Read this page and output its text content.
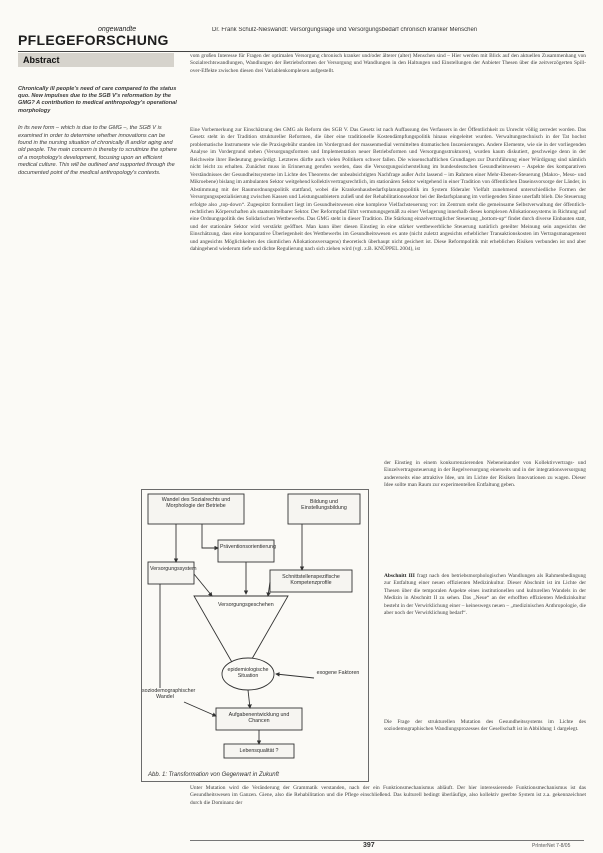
ongewandte
PFLEGEFORSCHUNG
Dr. Frank Schulz-Nieswandt: Versorgungslage und Versorgungsbedarf chronisch kranker Menschen
Abstract

Chronically ill people's need of care compared to the status quo. New impulses due to the SGB V's reformation by the GMG? A contribution to medical anthropology's operational morphology

In its new form – which is due to the GMG –, the SGB V is examined in order to determine whether innovations can be found in the nursing situation of chronically ill and/or aging and old people. The main concern is thereby to scrutinize the sphere of a morphology's development, focusing upon an efficient medical culture. This will be outlined and supported through the documented point of the medical anthropology's contexts.

vom großen Interesse für Fragen der optimalen Versorgung chronisch kranker und/oder älterer (alter) Menschen sind – Hier werden mit Blick auf den aktuellen Zusammenhang von Sozialrechtswandlungen, Wandlungen der Betriebsformen der Versorgung und Wandlungen in den Haltungen und Einstellungen der Anbieter Thesen über die zeitverzögerten Spill-over-Effekte zwischen diesen drei Variablenkomplexen aufgestellt.

Eine Vorbemerkung zur Einschätzung des GMG als Reform des SGB V. Das Gesetz ist nach Auffassung des Verfassers in der Öffentlichkeit zu Unrecht völlig zerredet worden. Das Gesetz steht in der Tradition struktureller Reformen, die über eine traditionelle Kostendämpfungspolitik hinaus eingeleitet wurden. Verwaltungstechnisch in der Tat hochst problematische Instrumente wie die Praxisgebühr standen im Vordergrund der massenmedial vermittelten dramatischen Inszenierungen. Andere Elemente, wie sie in der vorliegenden Analyse im Vordergrund stehen (Versorgungsformen und Implementation neuer Betriebsformen und Versorgungsstrukturen), wurden kaum diskutiert, geschweige denn in der Reichweite ihrer Bedeutung gewürdigt. Letzteres dürfte auch vielen Politikern schwer fallen. Die wissenschaftlichen Grundlagen zur Durchführung einer Würdigung sind nämlich nicht leicht zu erhalten. Zunächst muss in Erinnerung gerufen werden, dass die Versorgungssicherstellung im bundesdeutschen Gesundheitswesen – Aspekte des komparativen Verständnisses der Gesundheitssysteme im Lichte des Theorems der unbeabsichtigten Nachfrage außer Acht lassend – im Rahmen einer Mehr-Ebenen-Steuerung (Makro-, Meso- und Mikroebene) bislang im ambulanten Sektor weitgehend kollektivvertragsrechtlich, im stationären Sektor weitgehend in einer Tradition von öffentlichen Daseinsvorsorge der Länder, in Abstimmung mit der Raumordnungspolitik stattfand, wobei die Krankenhausbedarfsplanungspolitik im System föderaler Vielfalt zunehmend unterschiedliche Formen der Versorgungsspezialisierung zwischen Kassen und Leistungsanbietern zuließ und der Rehabilitationssektor bei der Bedarfsplanung im vorliegenden Sinne unerfaßt blieb. Die Steuerung erfolgte also „top-down“. Zugespitzt formuliert liegt im Gesundheitswesen eine komplexe Vielfachsteuerung vor: im Zentrum steht die gemeinsame Selbstverwaltung der öffentlich-rechtlichen Körperschaften als staatsmittelbarer Sektor. Der Reformpfad führt vermutungsgemäß zu einer Verlagerung innerhalb dieses komplexen Allokationssystems in Richtung auf eine Ordnungspolitik des Solidarischen Wettbewerbs. Das GMG steht in dieser Tradition. Die Stärkung einzelvertraglicher Steuerung „bottom-up“ findet durch diverse Einbauten statt, und der stationäre Sektor wird verstärkt geöffnet. Man kann über diesen Einstieg in eine stärker wettbewerbliche Steuerung natürlich geteilter Meinung sein angesichts der Einschätzung, dass eine komparative Überlegenheit des Wettbewerbs im Gesundheitswesen ex ante (nicht zuletzt angesichts erheblicher Transaktionskosten im Vertragsmanagement und angesichts Möglichkeiten des räumlichen Allokationsversagens) theoretisch überhaupt nicht gesichert ist. Diese Reformpolitik mit erheblichen Risiken verbunden ist und aber dahingehend wiederum tiefe und dichte Regulierung nach sich ziehen wird (vgl. z.B. KNÜPPEL 2004), ist

der Einstieg in einem konkurrenzierenden Nebeneinander von Kollektivvertrags- und Einzelvertragssteuerung in der Regelversorgung einerseits und in der integrationsversorgung andererseits eine attraktive Idee, um im Lichte der Risiken Innovationen zu wagen. Dieser Idee sollte man Raum zur experimentellen Entfaltung geben.

Abschnitt III fragt nach den betriebsmorphologischen Wandlungen als Rahmenbedingung zur Entfaltung einer neuen effizienten Medizinkultur. Dieser Abschnitt ist im Lichte der Thesen über die temporalen Aspekte eines institutionellen und kulturellen Wandels in der Medizin in Abschnitt II zu sehen. Das „Neue“ an der erhofften effizienten Medizinkultur besteht in der Verwirklichung einer – keineswegs neuen – „medizinischen Anthropologie, die aber noch der Verwirklichung bedarf“.

Die Frage der strukturellen Mutation des Gesundheitssystems im Lichte des soziodemographischen Wandlungsprozesses der Gesellschaft ist in Abbildung 1 dargelegt.

Unter Mutation wird die Veränderung der Grammatik verstanden, nach der ein Funktionsmechanismus abläuft. Der hier interessierende Funktionsmechanismus ist das Gesundheitswesen im Ganzen. Giene, also die Rehabilitation und die Pflege einschließend. Das kulturell bedingt überläufige, also kollektiv geerbte System ist z.a. gekennzeichnet durch die Dominanz der

Wandel des Sozialrechts und Morphologie der Betriebe
Bildung und Einstellungsbildung
Präventionsorientierung
Versorgungssystem
Schnittstellenspezifische Kompetenzprofile
Versorgungsgeschehen
epidemiologische Situation
exogene Faktoren
soziodemographischer Wandel
Aufgabenentwicklung und Chancen
Lebensqualität ?
Abb. 1: Transformation von Gegenwart in Zukunft
397	PrInterNet 7-8/05
